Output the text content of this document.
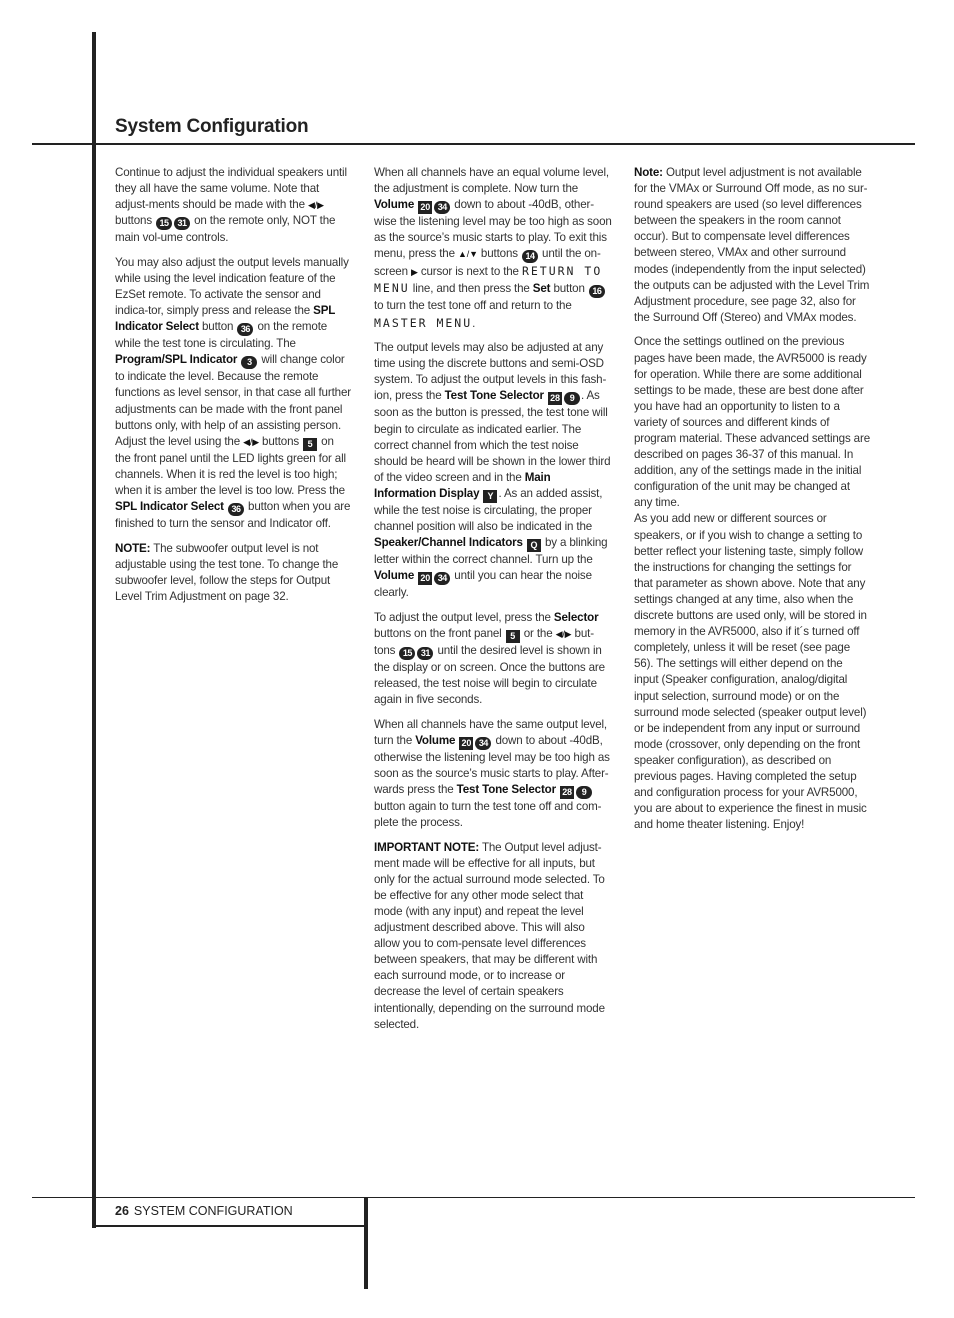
System Configuration

Continue to adjust the individual speakers until they all have the same volume. Note that adjust-ments should be made with the ◀/▶ buttons 15 31 on the remote only, NOT the main vol-ume controls.

You may also adjust the output levels manually while using the level indication feature of the EzSet remote. To activate the sensor and indica-tor, simply press and release the SPL Indicator Select button 36 on the remote while the test tone is circulating. The Program/SPL Indicator 3 will change color to indicate the level. Because the remote functions as level sensor, in that case all further adjustments can be made with the front panel buttons only, with help of an assisting person. Adjust the level using the ◀/▶ buttons 5 on the front panel until the LED lights green for all channels. When it is red the level is too high; when it is amber the level is too low. Press the SPL Indicator Select 36 button when you are finished to turn the sensor and Indicator off.

NOTE: The subwoofer output level is not adjustable using the test tone. To change the subwoofer level, follow the steps for Output Level Trim Adjustment on page 32.

When all channels have an equal volume level, the adjustment is complete. Now turn the Volume 20 34 down to about -40dB, other-wise the listening level may be too high as soon as the source’s music starts to play. To exit this menu, press the ▲/▼ buttons 14 until the on-screen ▶ cursor is next to the RETURN TO MENU line, and then press the Set button 16 to turn the test tone off and return to the MASTER MENU.

The output levels may also be adjusted at any time using the discrete buttons and semi-OSD system. To adjust the output levels in this fash-ion, press the Test Tone Selector 28 9 . As soon as the button is pressed, the test tone will begin to circulate as indicated earlier. The correct channel from which the test noise should be heard will be shown in the lower third of the video screen and in the Main Information Display Y . As an added assist, while the test noise is circulating, the proper channel position will also be indicated in the Speaker/Channel Indicators Q by a blinking letter within the correct channel. Turn up the Volume 20 34 until you can hear the noise clearly.

To adjust the output level, press the Selector buttons on the front panel 5 or the ◀/▶ but-tons 15 31 until the desired level is shown in the display or on screen. Once the buttons are released, the test noise will begin to circulate again in five seconds.

When all channels have the same output level, turn the Volume 20 34 down to about -40dB, otherwise the listening level may be too high as soon as the source’s music starts to play. After-wards press the Test Tone Selector 28 9 button again to turn the test tone off and com-plete the process.

IMPORTANT NOTE: The Output level adjust-ment made will be effective for all inputs, but only for the actual surround mode selected. To be effective for any other mode select that mode (with any input) and repeat the level adjustment described above. This will also allow you to com-pensate level differences between speakers, that may be different with each surround mode, or to increase or decrease the level of certain speakers intentionally, depending on the surround mode selected.

Note: Output level adjustment is not available for the VMAx or Surround Off mode, as no sur-round speakers are used (so level differences between the speakers in the room cannot occur). But to compensate level differences between stereo, VMAx and other surround modes (independently from the input selected) the outputs can be adjusted with the Level Trim Adjustment procedure, see page 32, also for the Surround Off (Stereo) and VMAx modes.

Once the settings outlined on the previous pages have been made, the AVR5000 is ready for operation. While there are some additional settings to be made, these are best done after you have had an opportunity to listen to a variety of sources and different kinds of program material. These advanced settings are described on pages 36-37 of this manual. In addition, any of the settings made in the initial configuration of the unit may be changed at any time.

As you add new or different sources or speakers, or if you wish to change a setting to better reflect your listening taste, simply follow the instructions for changing the settings for that parameter as shown above. Note that any settings changed at any time, also when the discrete buttons are used only, will be stored in memory in the AVR5000, also if it´s turned off completely, unless it will be reset (see page 56). The settings will either depend on the input (Speaker configuration, analog/digital input selection, surround mode) or on the surround mode selected (speaker output level) or be independent from any input or surround mode (crossover, only depending on the front speaker configuration), as described on previous pages. Having completed the setup and configuration process for your AVR5000, you are about to experience the finest in music and home theater listening. Enjoy!

26 SYSTEM CONFIGURATION
